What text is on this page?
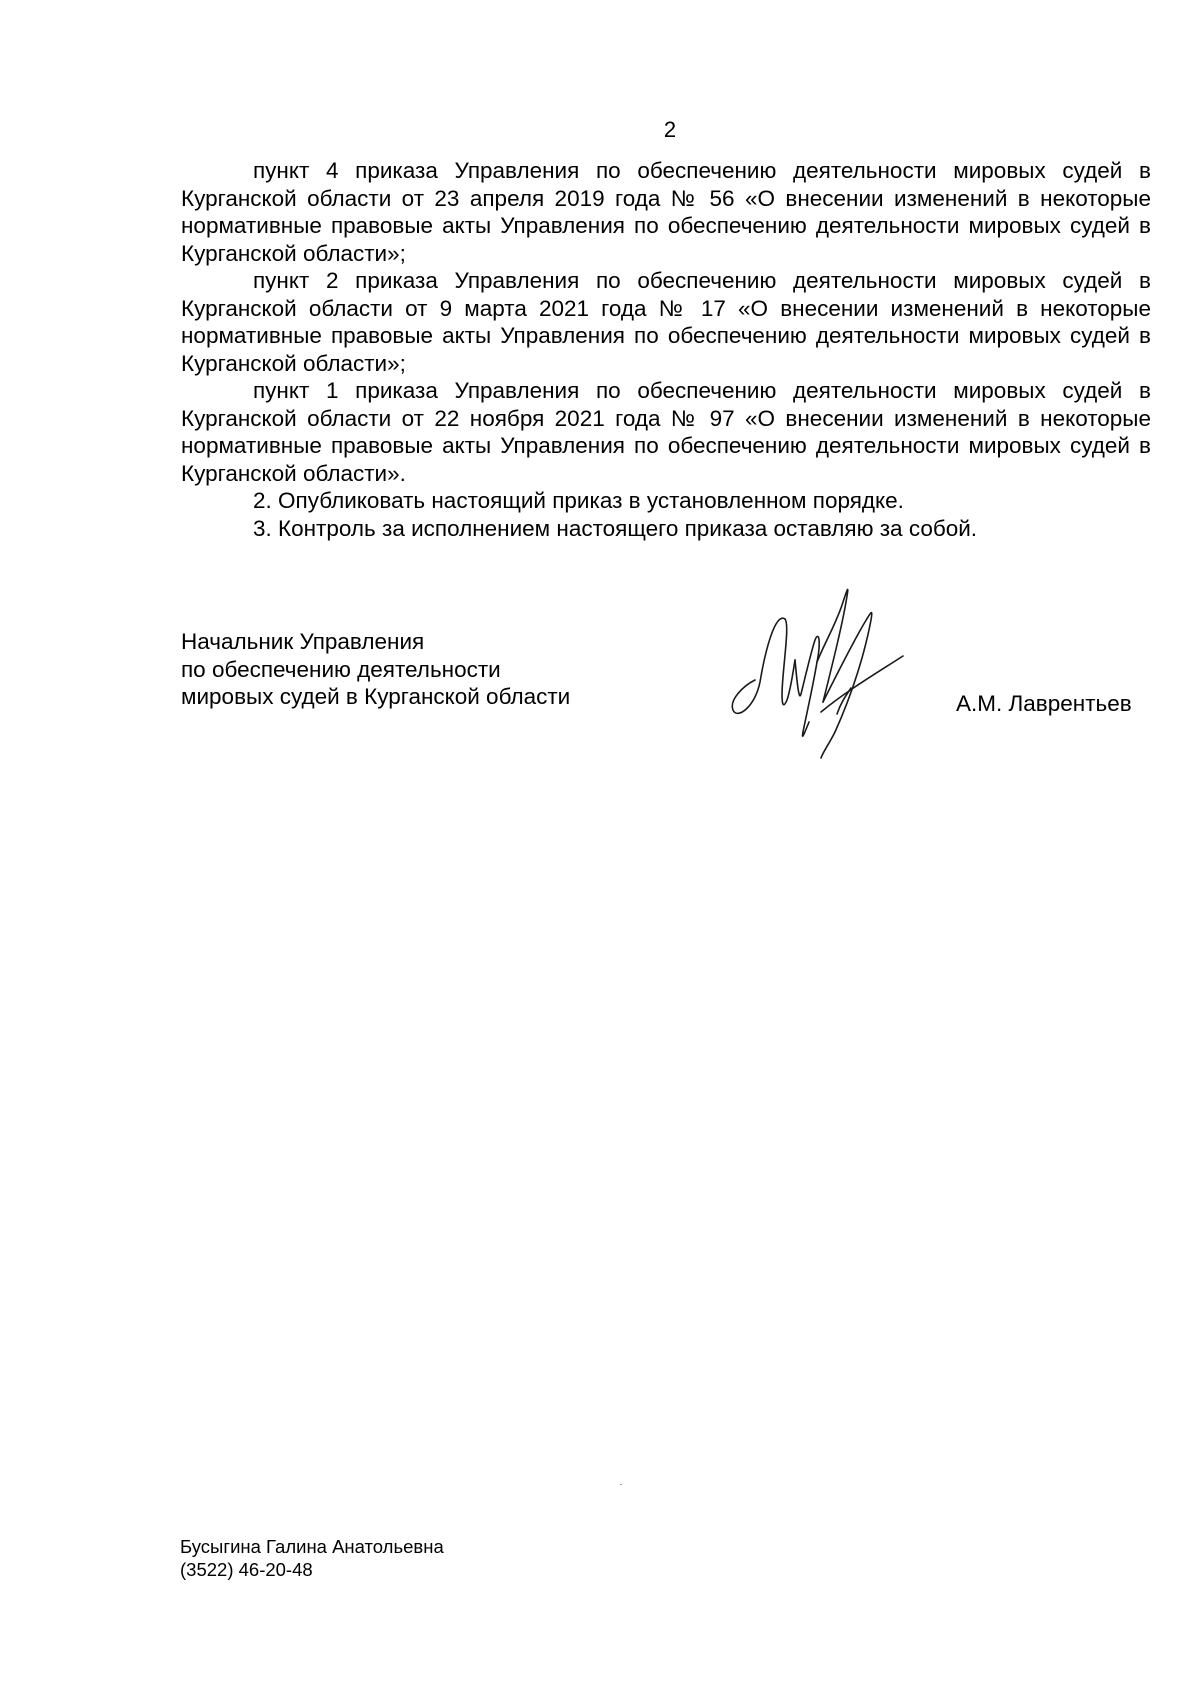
2

пункт 4 приказа Управления по обеспечению деятельности мировых судей в Курганской области от 23 апреля 2019 года № 56 «О внесении изменений в некоторые нормативные правовые акты Управления по обеспечению деятельности мировых судей в Курганской области»;

пункт 2 приказа Управления по обеспечению деятельности мировых судей в Курганской области от 9 марта 2021 года № 17 «О внесении изменений в некоторые нормативные правовые акты Управления по обеспечению деятельности мировых судей в Курганской области»;

пункт 1 приказа Управления по обеспечению деятельности мировых судей в Курганской области от 22 ноября 2021 года № 97 «О внесении изменений в некоторые нормативные правовые акты Управления по обеспечению деятельности мировых судей в Курганской области».

2. Опубликовать настоящий приказ в установленном порядке.

3. Контроль за исполнением настоящего приказа оставляю за собой.

Начальник Управления
по обеспечению деятельности
мировых судей в Курганской области	А.М. Лаврентьев
Бусыгина Галина Анатольевна
(3522) 46-20-48
